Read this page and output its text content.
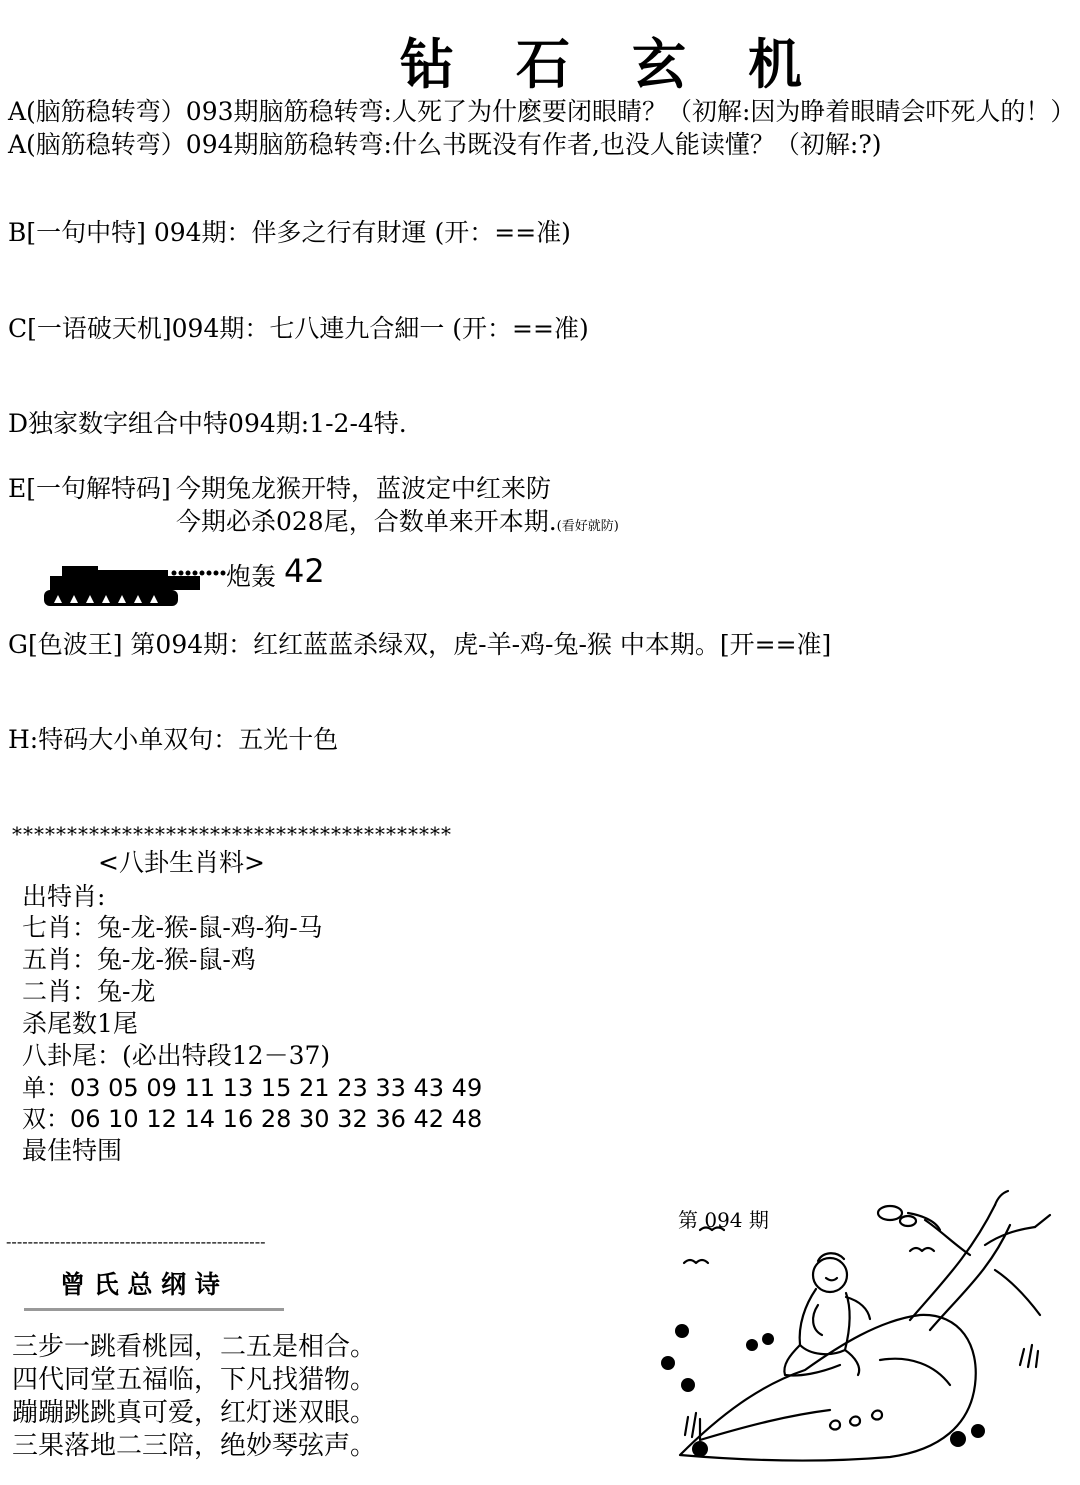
钻石玄机
A(脑筋稳转弯）093期脑筋稳转弯:人死了为什麽要闭眼睛？（初解:因为睁着眼睛会吓死人的！）
A(脑筋稳转弯）094期脑筋稳转弯:什么书既没有作者,也没人能读懂？（初解:?)
B[一句中特] 094期：伴多之行有財運 (开：==准)
C[一语破天机]094期：七八連九合細一 (开：==准)
D独家数字组合中特094期:1-2-4特.
E[一句解特码] 今期兔龙猴开特，蓝波定中红来防
今期必杀028尾，合数单来开本期.(看好就防)
炮轰 42
G[色波王] 第094期：红红蓝蓝杀绿双，虎-羊-鸡-兔-猴 中本期。[开==准]
H:特码大小单双句：五光十色
****************************************
<八卦生肖料>
出特肖:
七肖：兔-龙-猴-鼠-鸡-狗-马
五肖：兔-龙-猴-鼠-鸡
二肖：兔-龙
杀尾数1尾
八卦尾：(必出特段12－37)
单：03 05 09 11 13 15 21 23 33 43 49
双：06 10 12 14 16 28 30 32 36 42 48
最佳特围
------------------------------------------------
曾 氏 总 纲 诗
三步一跳看桃园，二五是相合。
四代同堂五福临，下凡找猎物。
蹦蹦跳跳真可爱，红灯迷双眼。
三果落地二三陪，绝妙琴弦声。
第 094 期
